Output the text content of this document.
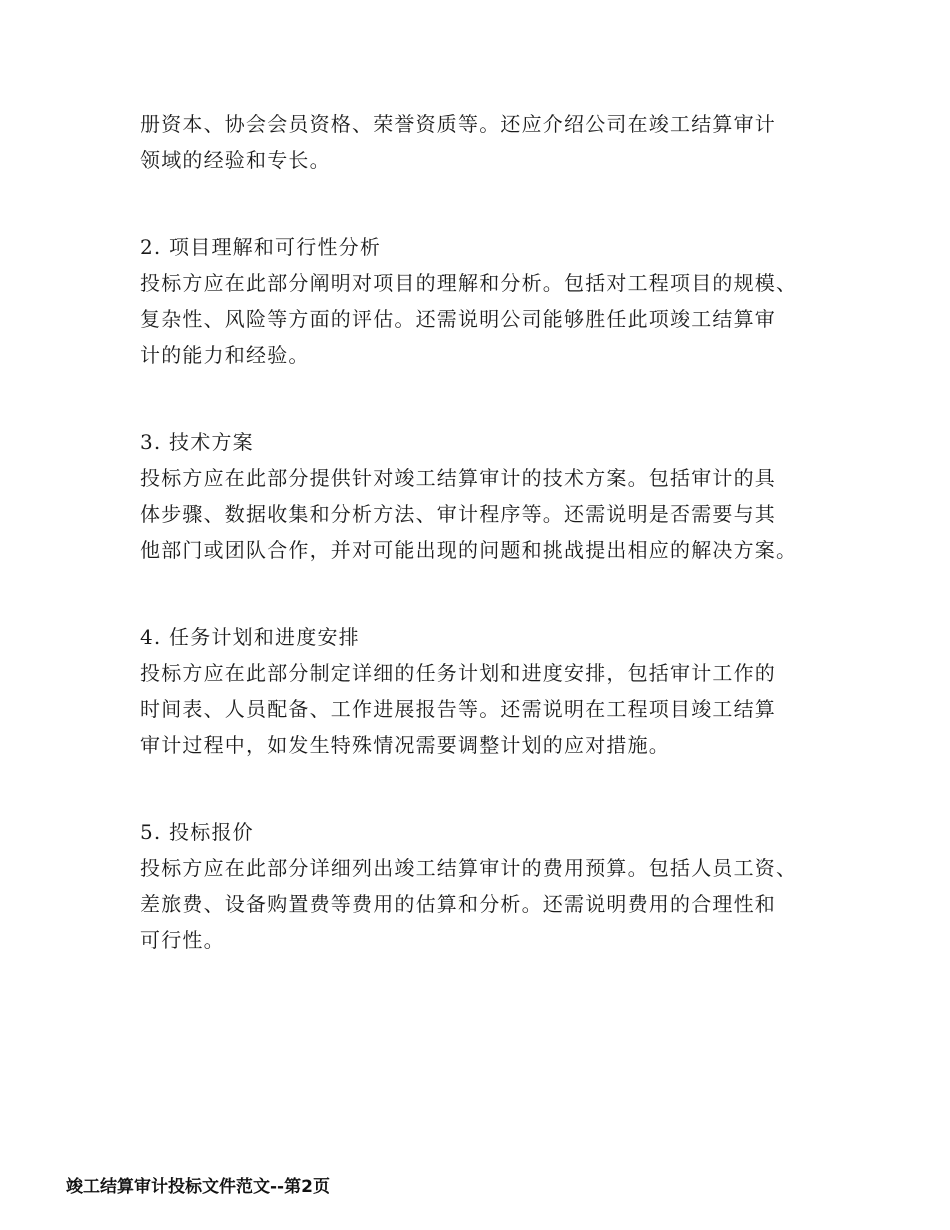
册资本、协会会员资格、荣誉资质等。还应介绍公司在竣工结算审计
领域的经验和专长。
2. 项目理解和可行性分析
投标方应在此部分阐明对项目的理解和分析。包括对工程项目的规模、
复杂性、风险等方面的评估。还需说明公司能够胜任此项竣工结算审
计的能力和经验。
3. 技术方案
投标方应在此部分提供针对竣工结算审计的技术方案。包括审计的具
体步骤、数据收集和分析方法、审计程序等。还需说明是否需要与其
他部门或团队合作，并对可能出现的问题和挑战提出相应的解决方案。
4. 任务计划和进度安排
投标方应在此部分制定详细的任务计划和进度安排，包括审计工作的
时间表、人员配备、工作进展报告等。还需说明在工程项目竣工结算
审计过程中，如发生特殊情况需要调整计划的应对措施。
5. 投标报价
投标方应在此部分详细列出竣工结算审计的费用预算。包括人员工资、
差旅费、设备购置费等费用的估算和分析。还需说明费用的合理性和
可行性。
竣工结算审计投标文件范文--第2页
